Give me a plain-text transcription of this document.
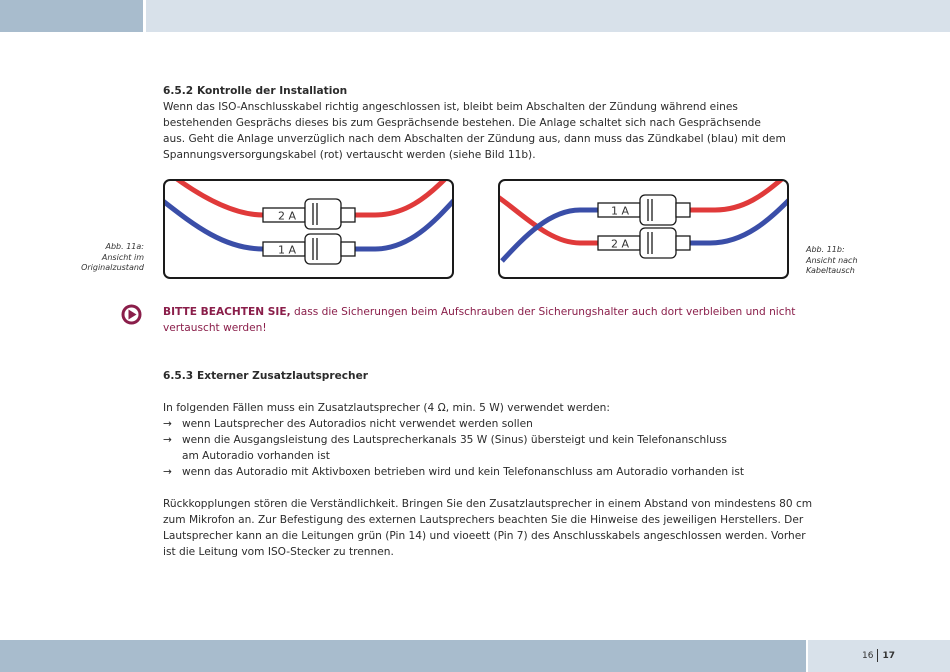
16 17
6.5.2 Kontrolle der Installation
Wenn das ISO-Anschlusskabel richtig angeschlossen ist, bleibt beim Abschalten der Zündung während eines
bestehenden Gesprächs dieses bis zum Gesprächsende bestehen. Die Anlage schaltet sich nach Gesprächsende
aus. Geht die Anlage unverzüglich nach dem Abschalten der Zündung aus, dann muss das Zündkabel (blau) mit dem
Spannungsversorgungskabel (rot) vertauscht werden (siehe Bild 11b).
Abb. 11a:
Ansicht im
Originalzustand
2 A
1 A
1 A
2 A	Abb. 11b:
Ansicht nach
Kabeltausch
BITTE BEACHTEN SIE, dass die Sicherungen beim Aufschrauben der Sicherungshalter auch dort verbleiben und nicht
vertauscht werden!
6.5.3 Externer Zusatzlautsprecher
In folgenden Fällen muss ein Zusatzlautsprecher (4 Ω, min. 5 W) verwendet werden:
→ wenn Lautsprecher des Autoradios nicht verwendet werden sollen
→ wenn die Ausgangsleistung des Lautsprecherkanals 35 W (Sinus) übersteigt und kein Telefonanschluss
am Autoradio vorhanden ist
→ wenn das Autoradio mit Aktivboxen betrieben wird und kein Telefonanschluss am Autoradio vorhanden ist
Rückkopplungen stören die Verständlichkeit. Bringen Sie den Zusatzlautsprecher in einem Abstand von mindestens 80 cm
zum Mikrofon an. Zur Befestigung des externen Lautsprechers beachten Sie die Hinweise des jeweiligen Herstellers. Der
Lautsprecher kann an die Leitungen grün (Pin 14) und vioeett (Pin 7) des Anschlusskabels angeschlossen werden. Vorher
ist die Leitung vom ISO-Stecker zu trennen.
